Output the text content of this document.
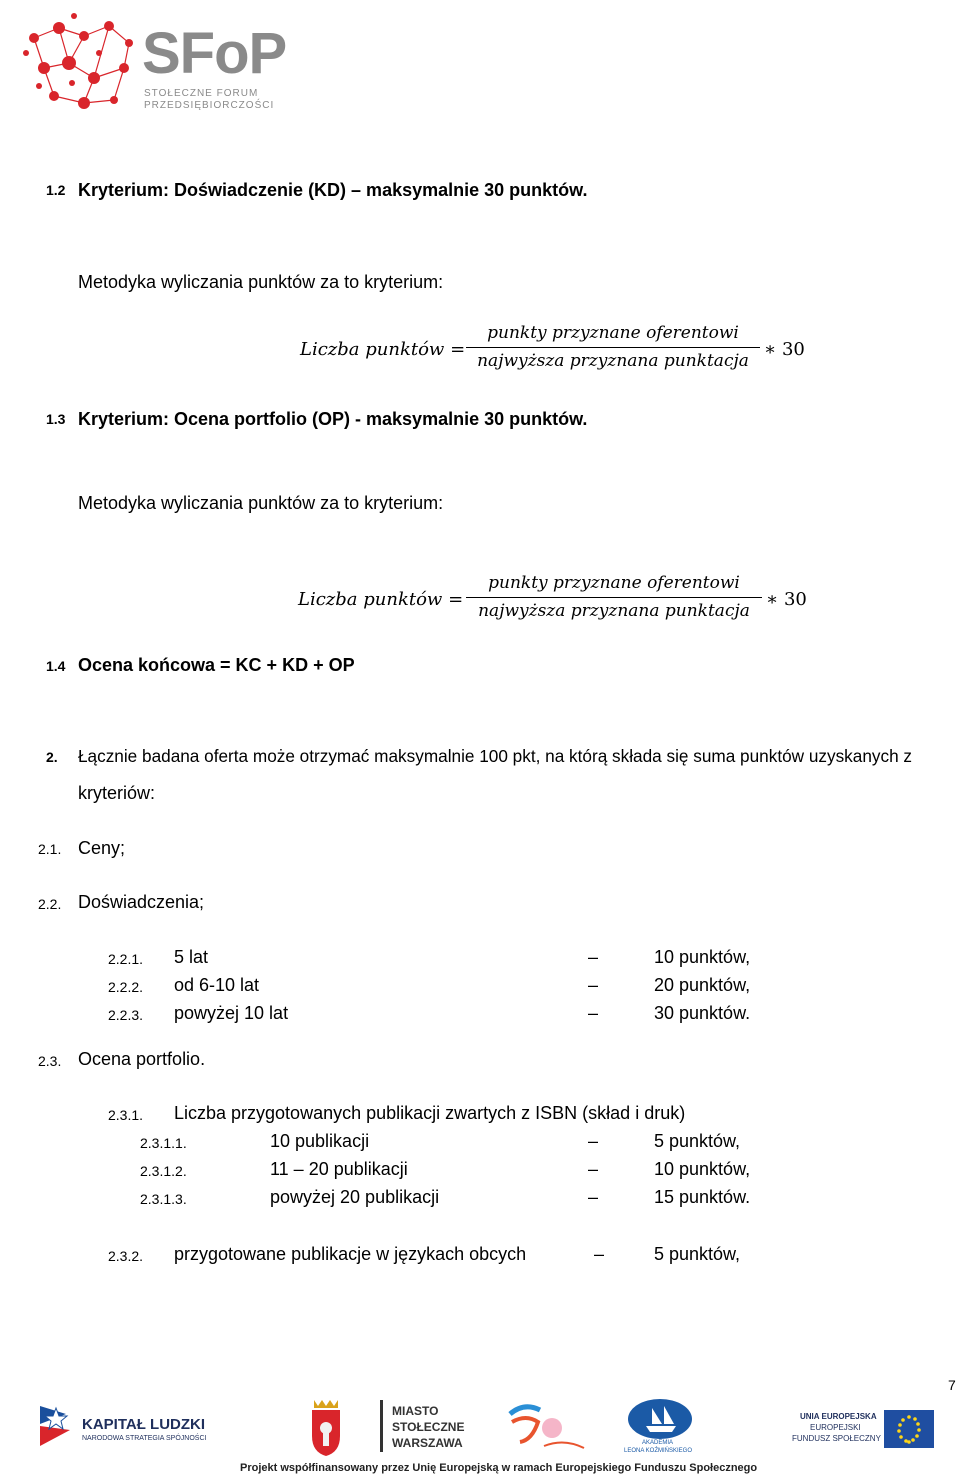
SFoP
STOŁECZNE FORUM
PRZEDSIĘBIORCZOŚCI
1.2 Kryterium: Doświadczenie (KD) – maksymalnie 30 punktów.
Metodyka wyliczania punktów za to kryterium:
Liczba punktów =
punkty przyznane oferentowi
najwyższa przyznana punktacja
∗ 30
1.3 Kryterium: Ocena portfolio (OP) - maksymalnie 30 punktów.
Metodyka wyliczania punktów za to kryterium:
Liczba punktów =
punkty przyznane oferentowi
najwyższa przyznana punktacja
∗ 30
1.4 Ocena końcowa = KC + KD + OP
2. Łącznie badana oferta może otrzymać maksymalnie 100 pkt, na którą składa się suma punktów uzyskanych z
kryteriów:
2.1. Ceny;
2.2. Doświadczenia;
2.2.1. 5 lat	–	10 punktów,
2.2.2. od 6-10 lat	–	20 punktów,
2.2.3. powyżej 10 lat	–	30 punktów.
2.3. Ocena portfolio.
2.3.1. Liczba przygotowanych publikacji zwartych z ISBN (skład i druk)
2.3.1.1.	10 publikacji	–	5 punktów,
2.3.1.2.	11 – 20 publikacji	–	10 punktów,
2.3.1.3.	powyżej 20 publikacji	–	15 punktów.
2.3.2. przygotowane publikacje w językach obcych	–	5 punktów,
7
KAPITAŁ LUDZKI
NARODOWA STRATEGIA SPÓJNOŚCI
MIASTO
STOŁECZNE
WARSZAWA	AKADEMIA
LEONA KOŹMIŃSKIEGO
UNIA EUROPEJSKA
EUROPEJSKI
FUNDUSZ SPOŁECZNY
Projekt współfinansowany przez Unię Europejską w ramach Europejskiego Funduszu Społecznego
